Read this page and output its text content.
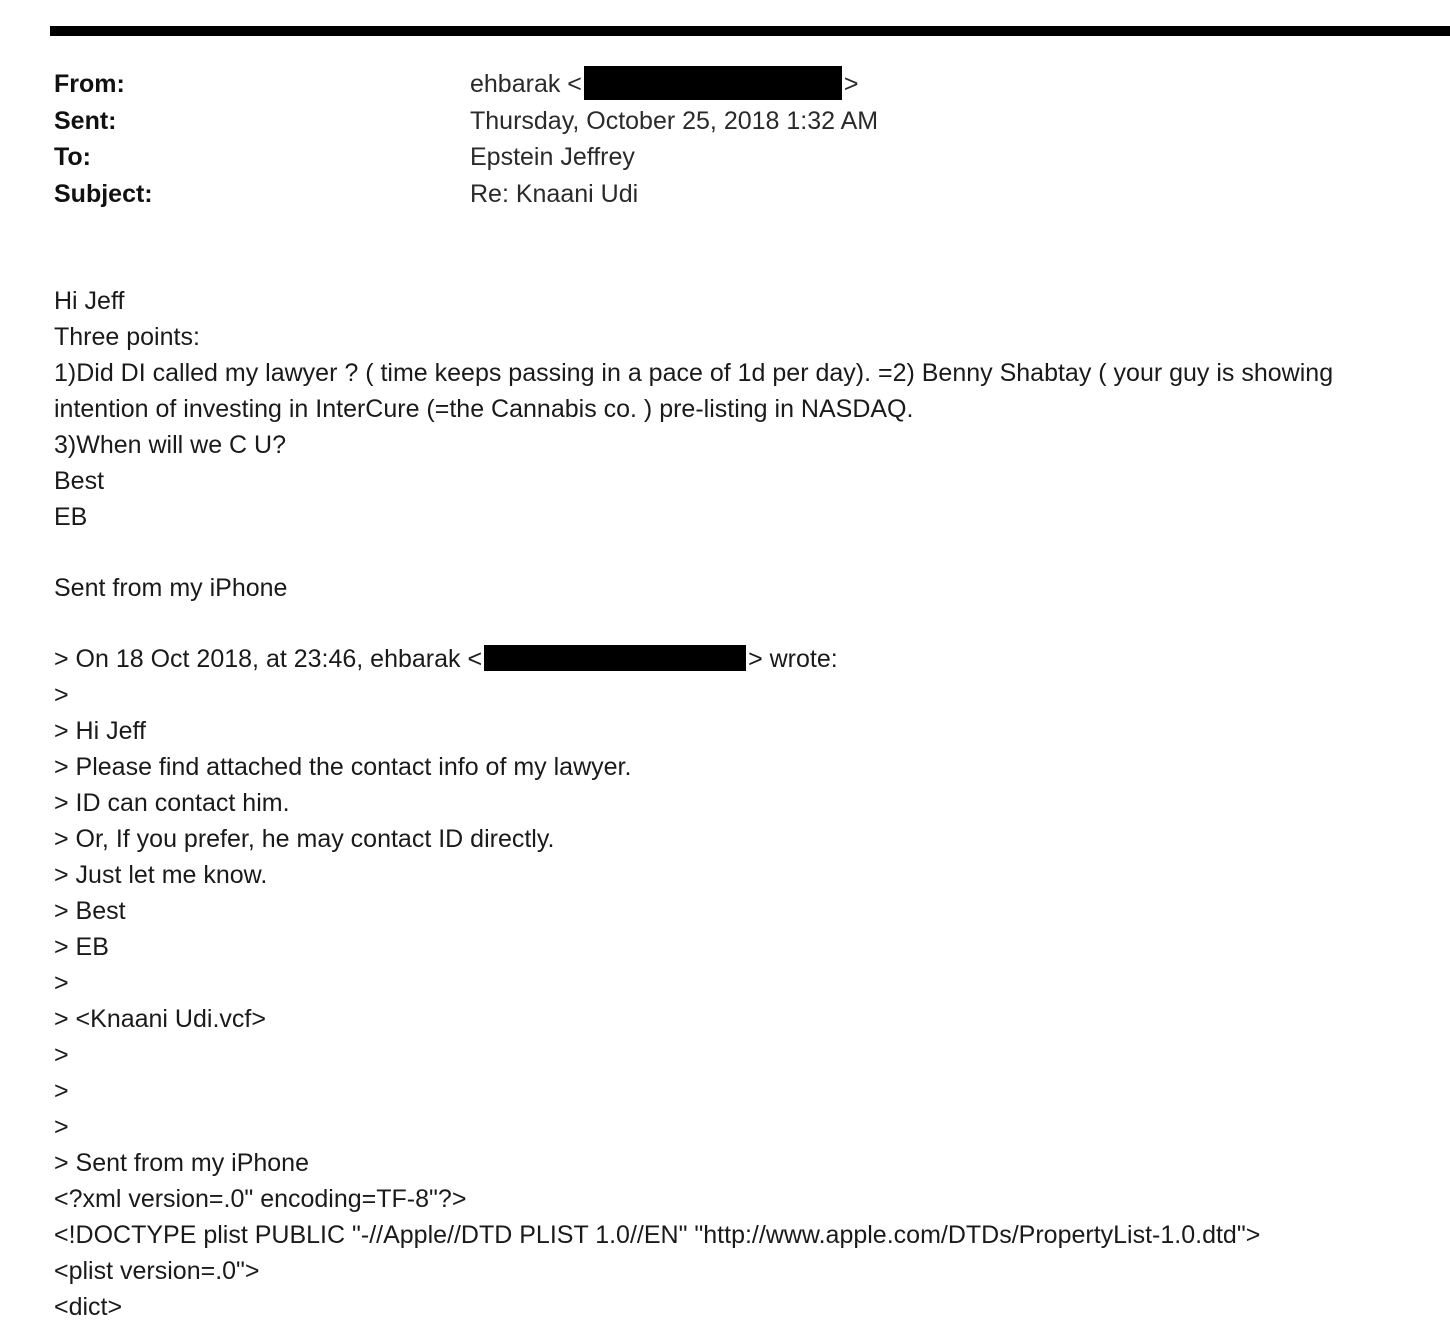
From:	ehbarak <	>
Sent:	Thursday, October 25, 2018 1:32 AM
To:	Epstein Jeffrey
Subject:	Re: Knaani Udi
Hi Jeff
Three points:
1)Did DI called my lawyer ? ( time keeps passing in a pace of 1d per day). =2) Benny Shabtay ( your guy is showing
intention of investing in InterCure (=the Cannabis co. ) pre-listing in NASDAQ.
3)When will we C U?
Best
EB
Sent from my iPhone
> On 18 Oct 2018, at 23:46, ehbarak <	> wrote:
>
> Hi Jeff
> Please find attached the contact info of my lawyer.
> ID can contact him.
> Or, If you prefer, he may contact ID directly.
> Just let me know.
> Best
> EB
>
> <Knaani Udi.vcf>
>
>
>
> Sent from my iPhone
<?xml version=.0" encoding=TF-8"?>
<!DOCTYPE plist PUBLIC "-//Apple//DTD PLIST 1.0//EN" "http://www.apple.com/DTDs/PropertyList-1.0.dtd">
<plist version=.0">
<dict>
